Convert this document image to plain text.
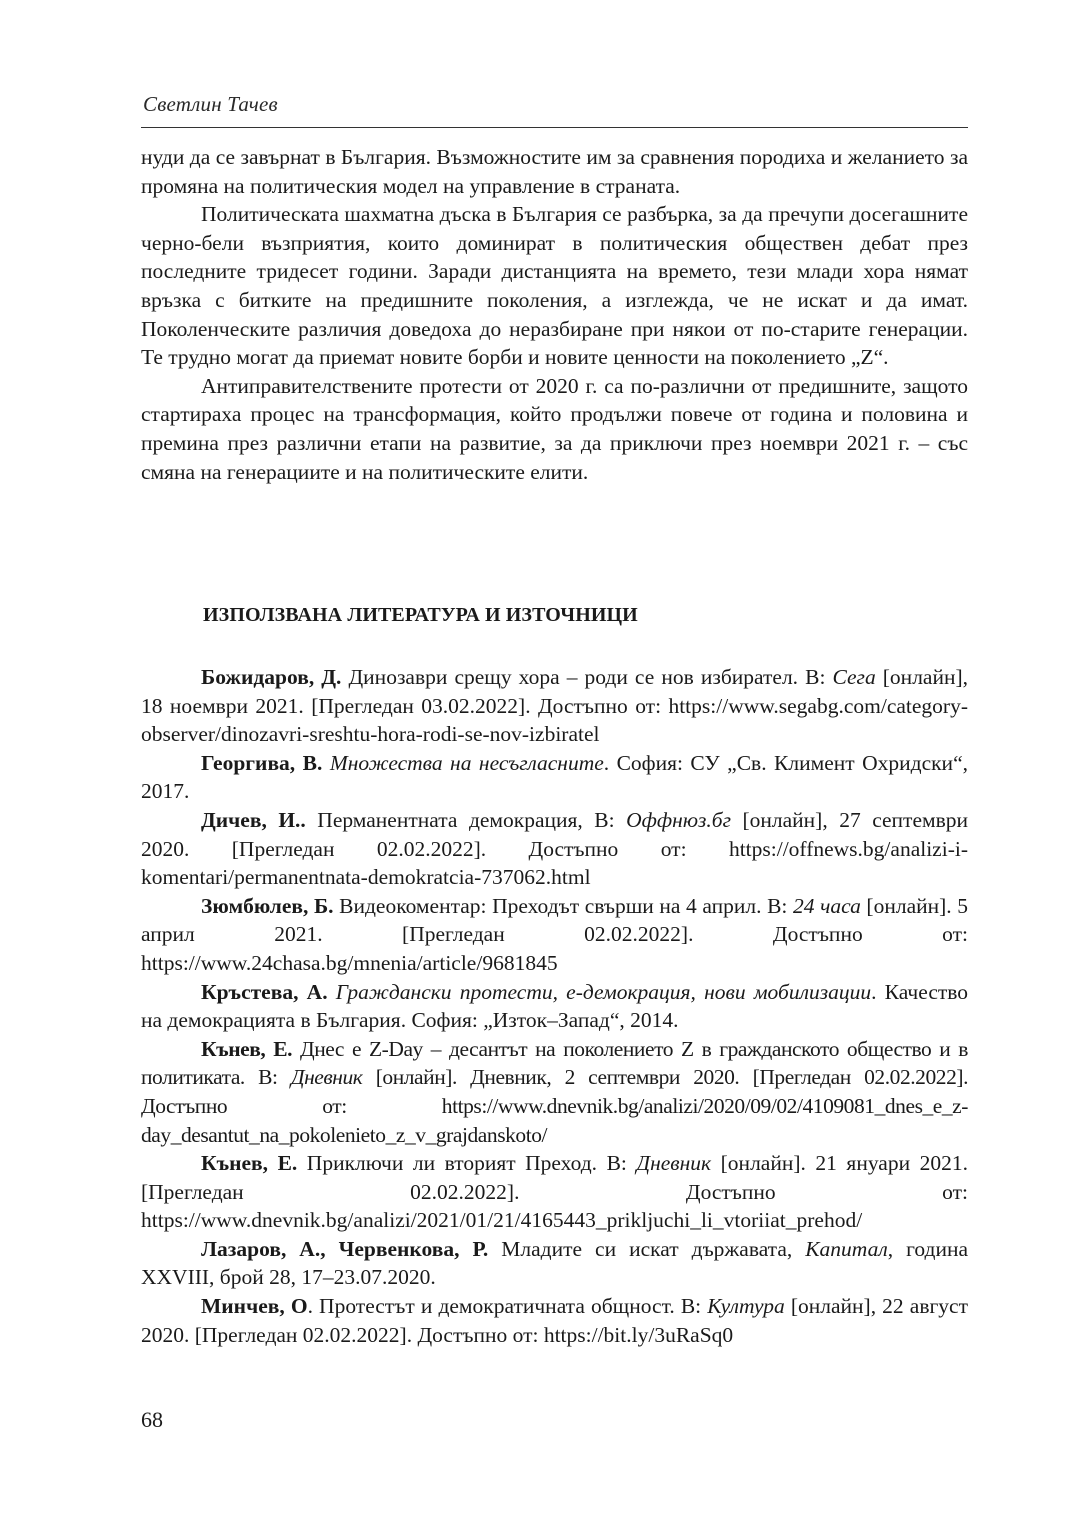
Светлин Тачев

нуди да се завърнат в България. Възможностите им за сравнения породиха и желанието за промяна на политическия модел на управление в страната.

Политическата шахматна дъска в България се разбърка, за да пречупи досегашните черно-бели възприятия, които доминират в политическия обществен дебат през последните тридесет години. Заради дистанцията на времето, тези млади хора нямат връзка с битките на предишните поколения, а изглежда, че не искат и да имат. Поколенческите различия доведоха до неразбиране при някои от по-старите генерации. Те трудно могат да приемат новите борби и новите ценности на поколението „Z“.

Антиправителствените протести от 2020 г. са по-различни от предишните, защото стартираха процес на трансформация, който продължи повече от година и половина и премина през различни етапи на развитие, за да приключи през ноември 2021 г. – със смяна на генерациите и на политическите елити.

ИЗПОЛЗВАНА ЛИТЕРАТУРА И ИЗТОЧНИЦИ

Божидаров, Д. Динозаври срещу хора – роди се нов избирател. В: Сега [онлайн], 18 ноември 2021. [Прегледан 03.02.2022]. Достъпно от: https://www.segabg.com/category-observer/dinozavri-sreshtu-hora-rodi-se-nov-izbiratel

Георгива, В. Множества на несъгласните. София: СУ „Св. Климент Охридски“, 2017.

Дичев, И.. Перманентната демокрация, В: Оффнюз.бг [онлайн], 27 септември 2020. [Прегледан 02.02.2022]. Достъпно от: https://offnews.bg/analizi-i-komentari/permanentnata-demokratcia-737062.html

Зюмбюлев, Б. Видеокоментар: Преходът свърши на 4 април. В: 24 часа [онлайн]. 5 април 2021. [Прегледан 02.02.2022]. Достъпно от: https://www.24chasa.bg/mnenia/article/9681845

Кръстева, А. Граждански протести, е-демокрация, нови мобилизации. Качество на демокрацията в България. София: „Изток–Запад“, 2014.

Кънев, Е. Днес е Z-Day – десантът на поколението Z в гражданското общество и в политиката. В: Дневник [онлайн]. Дневник, 2 септември 2020. [Прегледан 02.02.2022]. Достъпно от: https://www.dnevnik.bg/analizi/2020/09/02/4109081_dnes_e_z-day_desantut_na_pokolenieto_z_v_grajdanskoto/

Кънев, Е. Приключи ли вторият Преход. В: Дневник [онлайн]. 21 януари 2021. [Прегледан 02.02.2022]. Достъпно от: https://www.dnevnik.bg/analizi/2021/01/21/4165443_prikljuchi_li_vtoriiat_prehod/

Лазаров, А., Червенкова, Р. Младите си искат държавата, Капитал, година XXVIII, брой 28, 17–23.07.2020.

Минчев, О. Протестът и демократичната общност. В: Култура [онлайн], 22 август 2020. [Прегледан 02.02.2022]. Достъпно от: https://bit.ly/3uRaSq0

68
